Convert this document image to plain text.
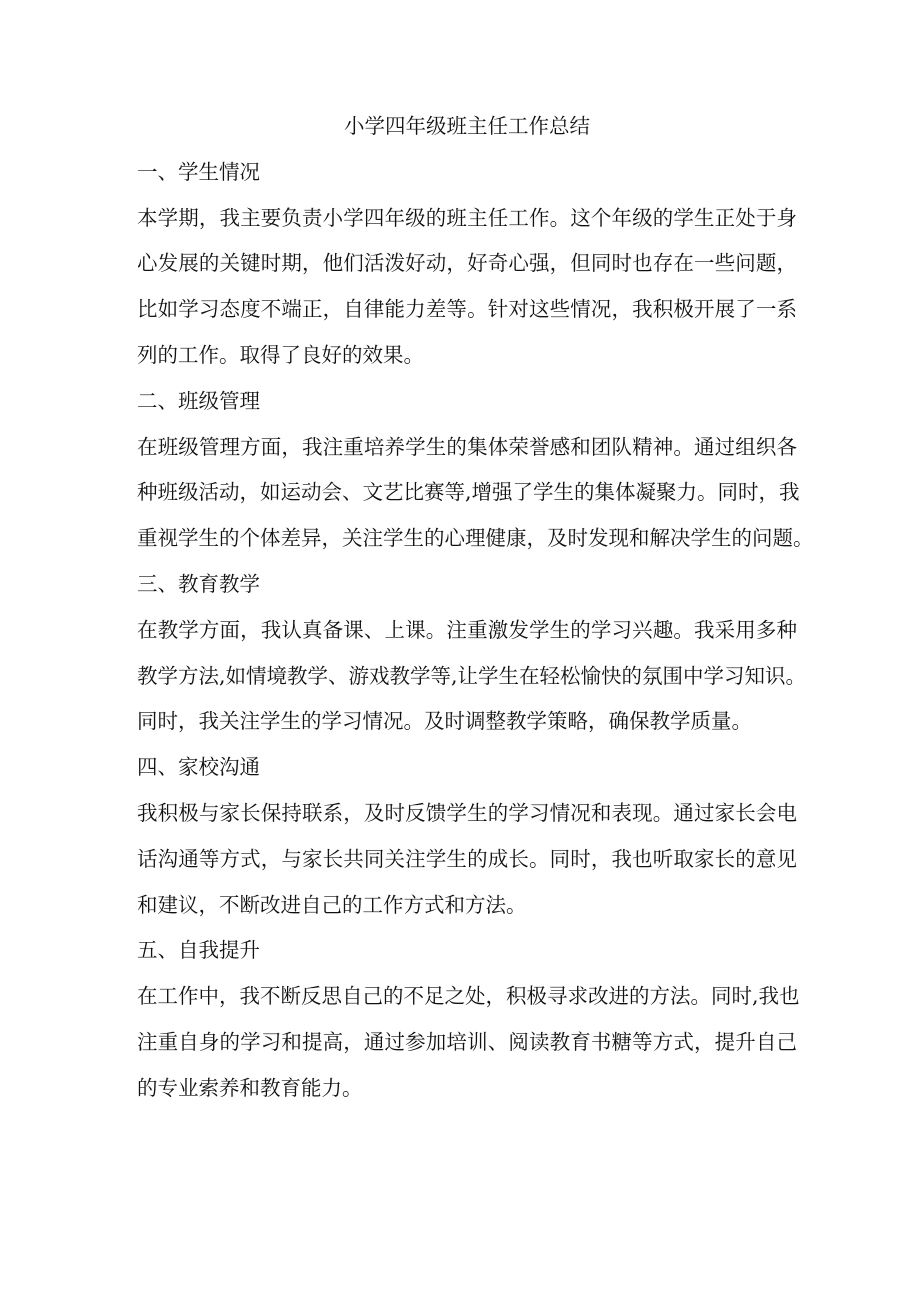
小学四年级班主任工作总结
一、学生情况
本学期，我主要负责小学四年级的班主任工作。这个年级的学生正处于身
心发展的关键时期，他们活泼好动，好奇心强，但同时也存在一些问题，
比如学习态度不端正，自律能力差等。针对这些情况，我积极开展了一系
列的工作。取得了良好的效果。
二、班级管理
在班级管理方面，我注重培养学生的集体荣誉感和团队精神。通过组织各
种班级活动，如运动会、文艺比赛等,增强了学生的集体凝聚力。同时，我
重视学生的个体差异，关注学生的心理健康，及时发现和解决学生的问题。
三、教育教学
在教学方面，我认真备课、上课。注重激发学生的学习兴趣。我采用多种
教学方法,如情境教学、游戏教学等,让学生在轻松愉快的氛围中学习知识。
同时，我关注学生的学习情况。及时调整教学策略，确保教学质量。
四、家校沟通
我积极与家长保持联系，及时反馈学生的学习情况和表现。通过家长会电
话沟通等方式，与家长共同关注学生的成长。同时，我也听取家长的意见
和建议，不断改进自己的工作方式和方法。
五、自我提升
在工作中，我不断反思自己的不足之处，积极寻求改进的方法。同时,我也
注重自身的学习和提高，通过参加培训、阅读教育书糖等方式，提升自己
的专业索养和教育能力。
